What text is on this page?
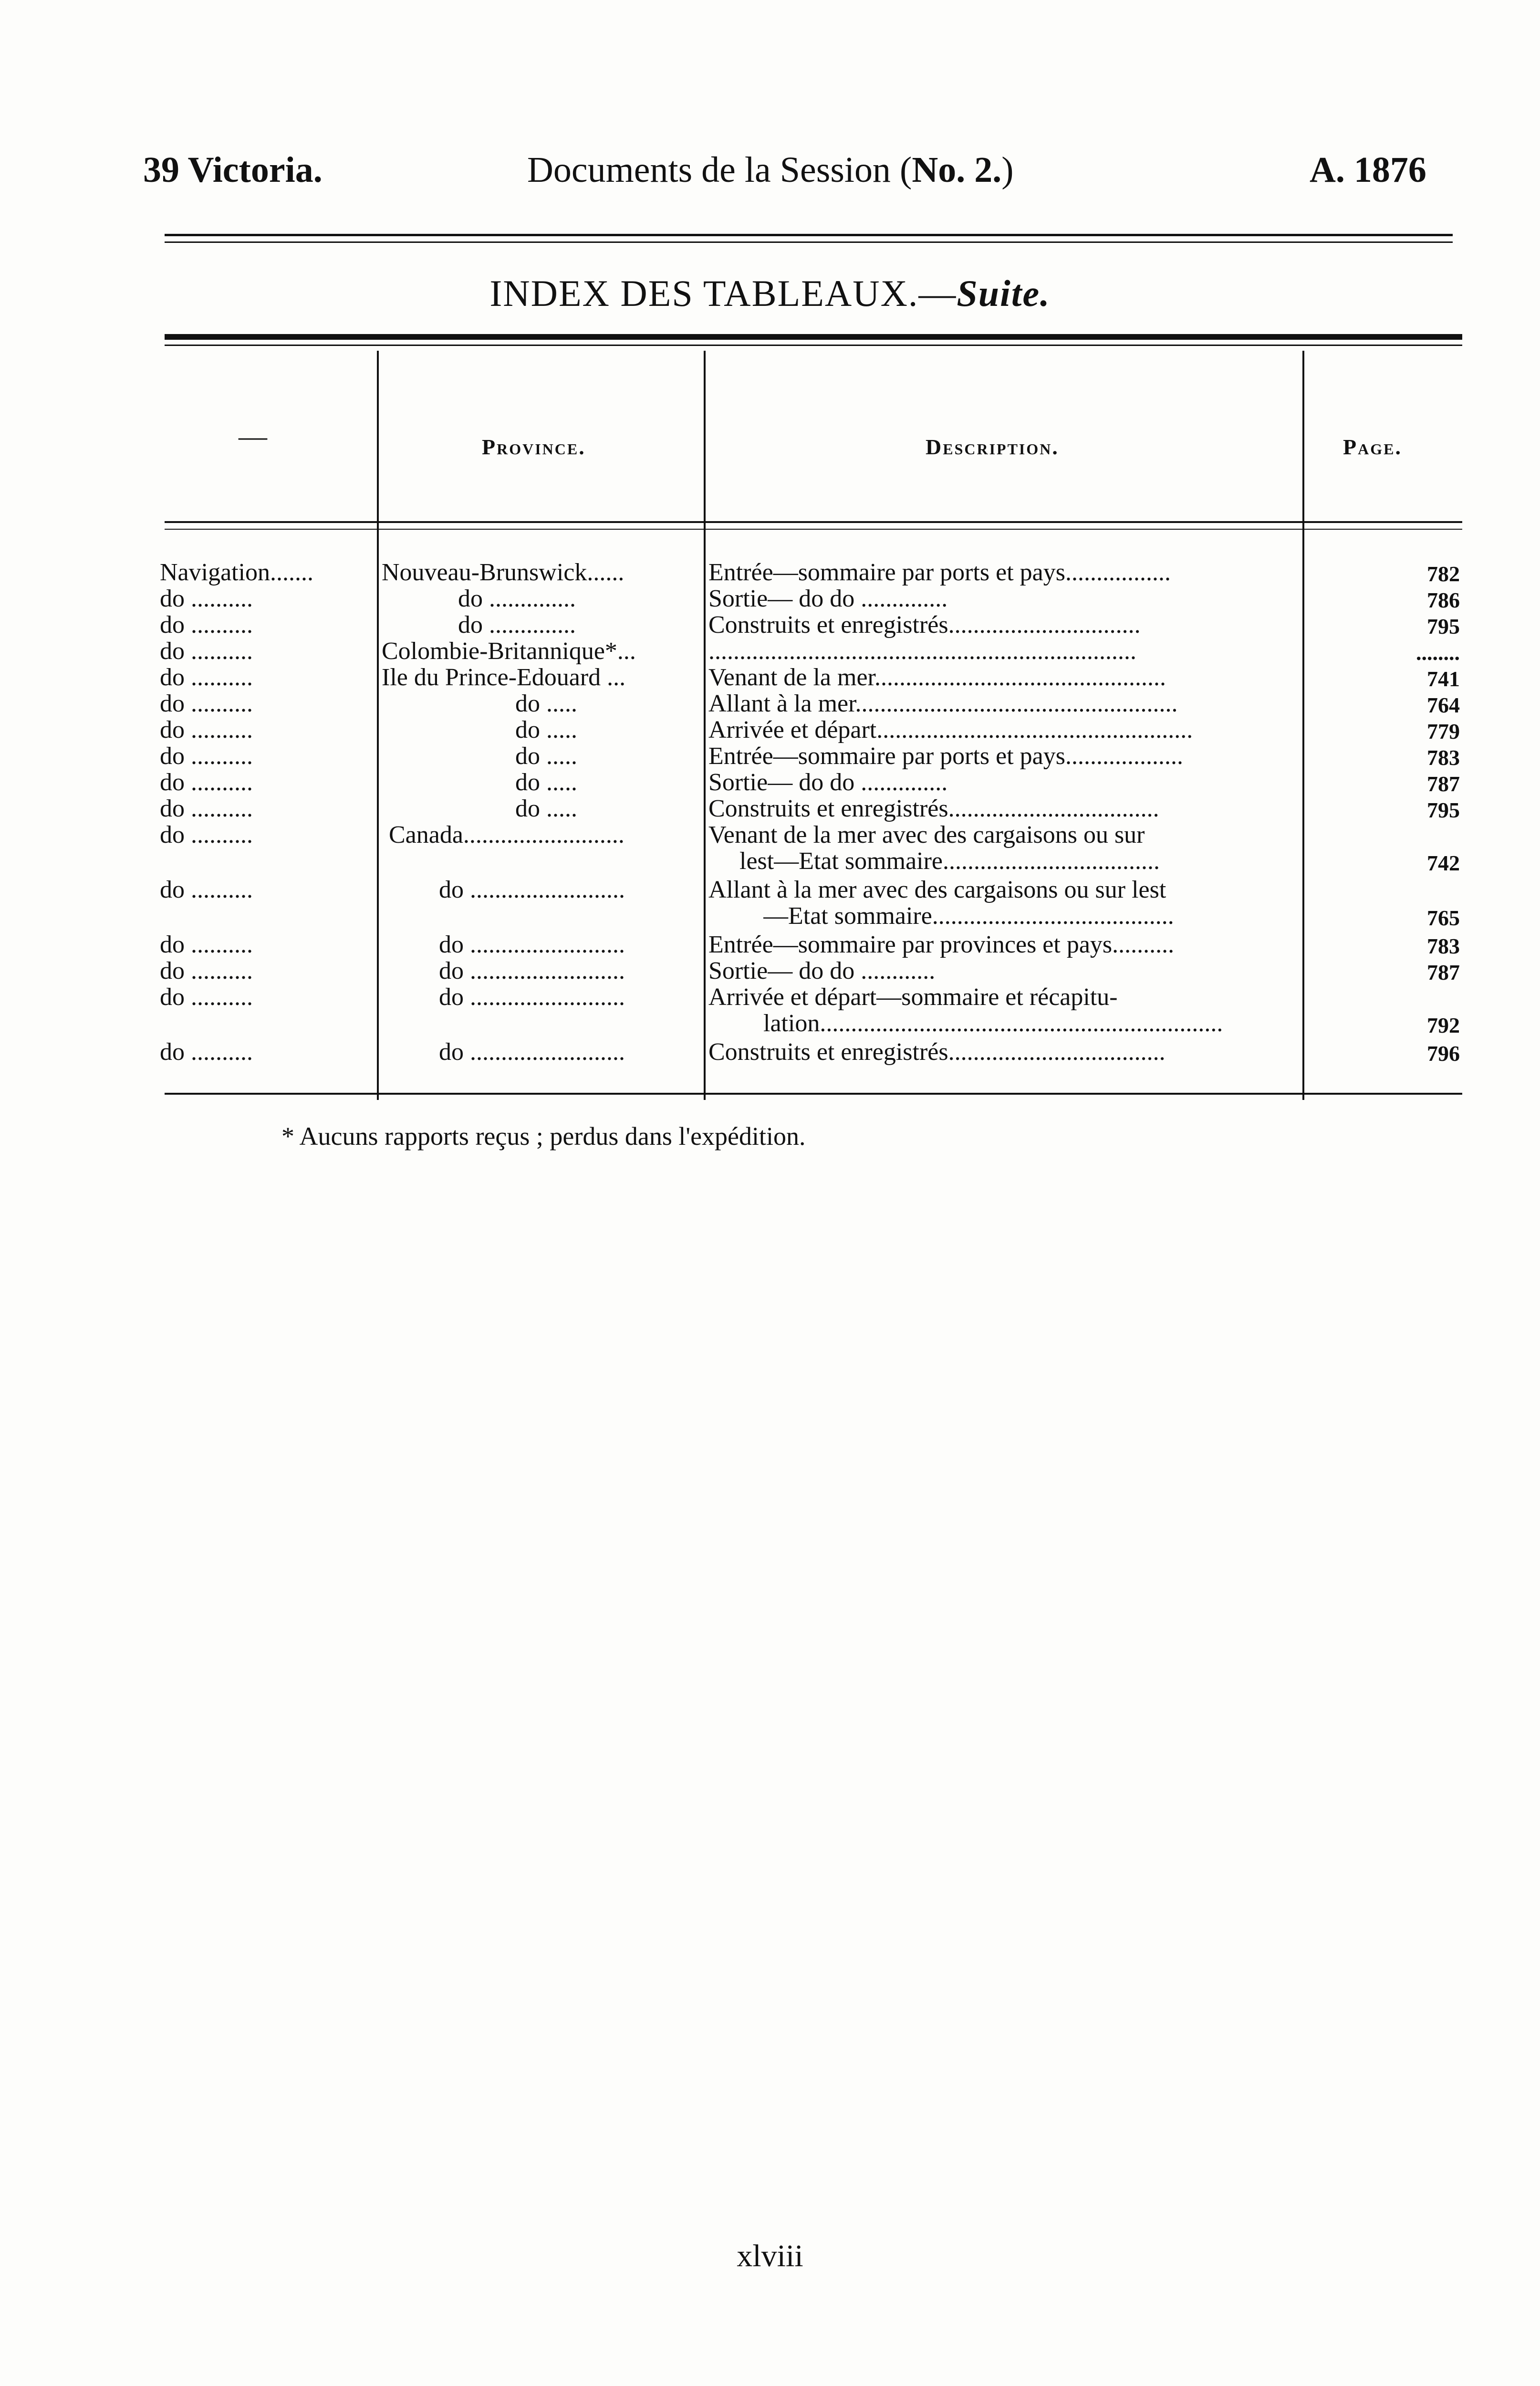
39 Victoria.	Documents de la Session (No. 2.)	A. 1876
INDEX DES TABLEAUX.—Suite.
—	Province.	Description.	Page.
Navigation.......	Nouveau-Brunswick......	Entrée—sommaire par ports et pays.................	782
do ..........	do ..............	Sortie— do do ..............	786
do ..........	do ..............	Construits et enregistrés...............................	795
do ..........	Colombie-Britannique*...	.....................................................................	........
do ..........	Ile du Prince-Edouard ...	Venant de la mer...............................................	741
do ..........	do .....	Allant à la mer....................................................	764
do ..........	do .....	Arrivée et départ...................................................	779
do ..........	do .....	Entrée—sommaire par ports et pays...................	783
do ..........	do .....	Sortie— do do ..............	787
do ..........	do .....	Construits et enregistrés..................................	795
do ..........	Canada..........................	Venant de la mer avec des cargaisons ou sur
lest—Etat sommaire...................................	742
do ..........	do .........................	Allant à la mer avec des cargaisons ou sur lest
—Etat sommaire.......................................	765
do ..........	do .........................	Entrée—sommaire par provinces et pays..........	783
do ..........	do .........................	Sortie— do do ............	787
do ..........	do .........................	Arrivée et départ—sommaire et récapitu-
lation.................................................................	792
do ..........	do .........................	Construits et enregistrés...................................	796
* Aucuns rapports reçus ; perdus dans l'expédition.
xlviii
